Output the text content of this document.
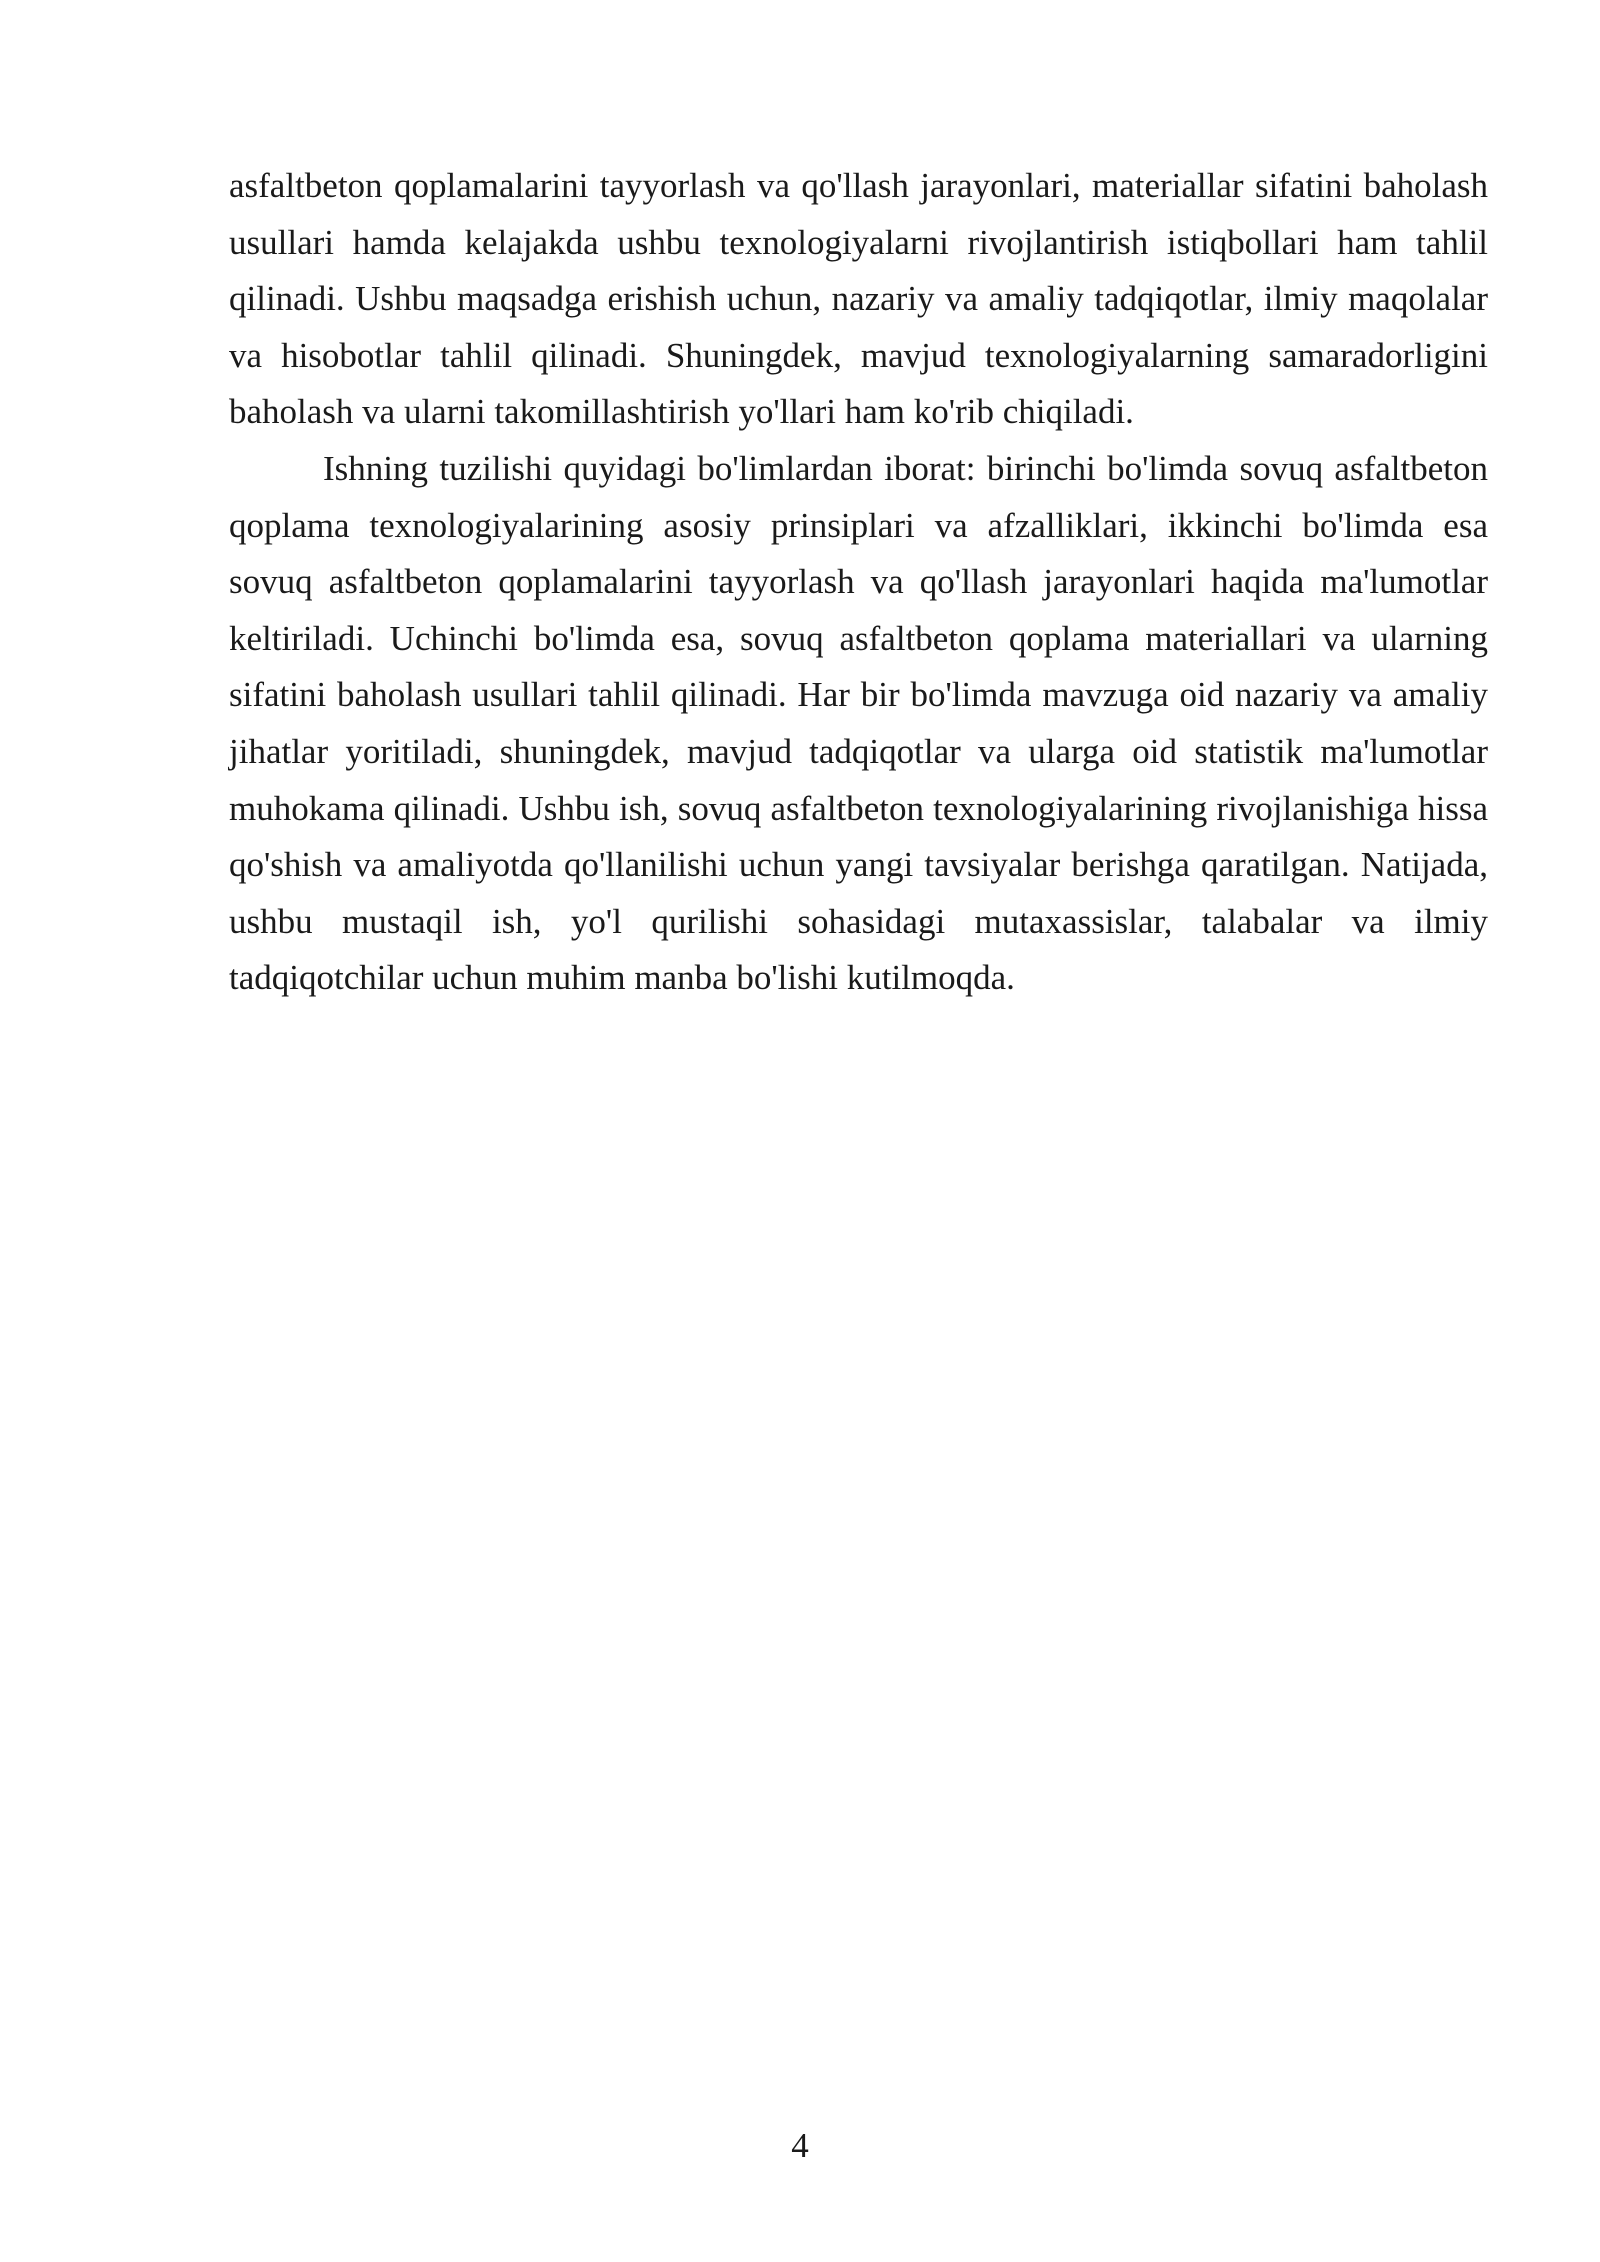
asfaltbeton qoplamalarini tayyorlash va qo'llash jarayonlari, materiallar sifatini baholash usullari hamda kelajakda ushbu texnologiyalarni rivojlantirish istiqbollari ham tahlil qilinadi. Ushbu maqsadga erishish uchun, nazariy va amaliy tadqiqotlar, ilmiy maqolalar va hisobotlar tahlil qilinadi. Shuningdek, mavjud texnologiyalarning samaradorligini baholash va ularni takomillashtirish yo'llari ham ko'rib chiqiladi.

Ishning tuzilishi quyidagi bo'limlardan iborat: birinchi bo'limda sovuq asfaltbeton qoplama texnologiyalarining asosiy prinsiplari va afzalliklari, ikkinchi bo'limda esa sovuq asfaltbeton qoplamalarini tayyorlash va qo'llash jarayonlari haqida ma'lumotlar keltiriladi. Uchinchi bo'limda esa, sovuq asfaltbeton qoplama materiallari va ularning sifatini baholash usullari tahlil qilinadi. Har bir bo'limda mavzuga oid nazariy va amaliy jihatlar yoritiladi, shuningdek, mavjud tadqiqotlar va ularga oid statistik ma'lumotlar muhokama qilinadi. Ushbu ish, sovuq asfaltbeton texnologiyalarining rivojlanishiga hissa qo'shish va amaliyotda qo'llanilishi uchun yangi tavsiyalar berishga qaratilgan. Natijada, ushbu mustaqil ish, yo'l qurilishi sohasidagi mutaxassislar, talabalar va ilmiy tadqiqotchilar uchun muhim manba bo'lishi kutilmoqda.

4
